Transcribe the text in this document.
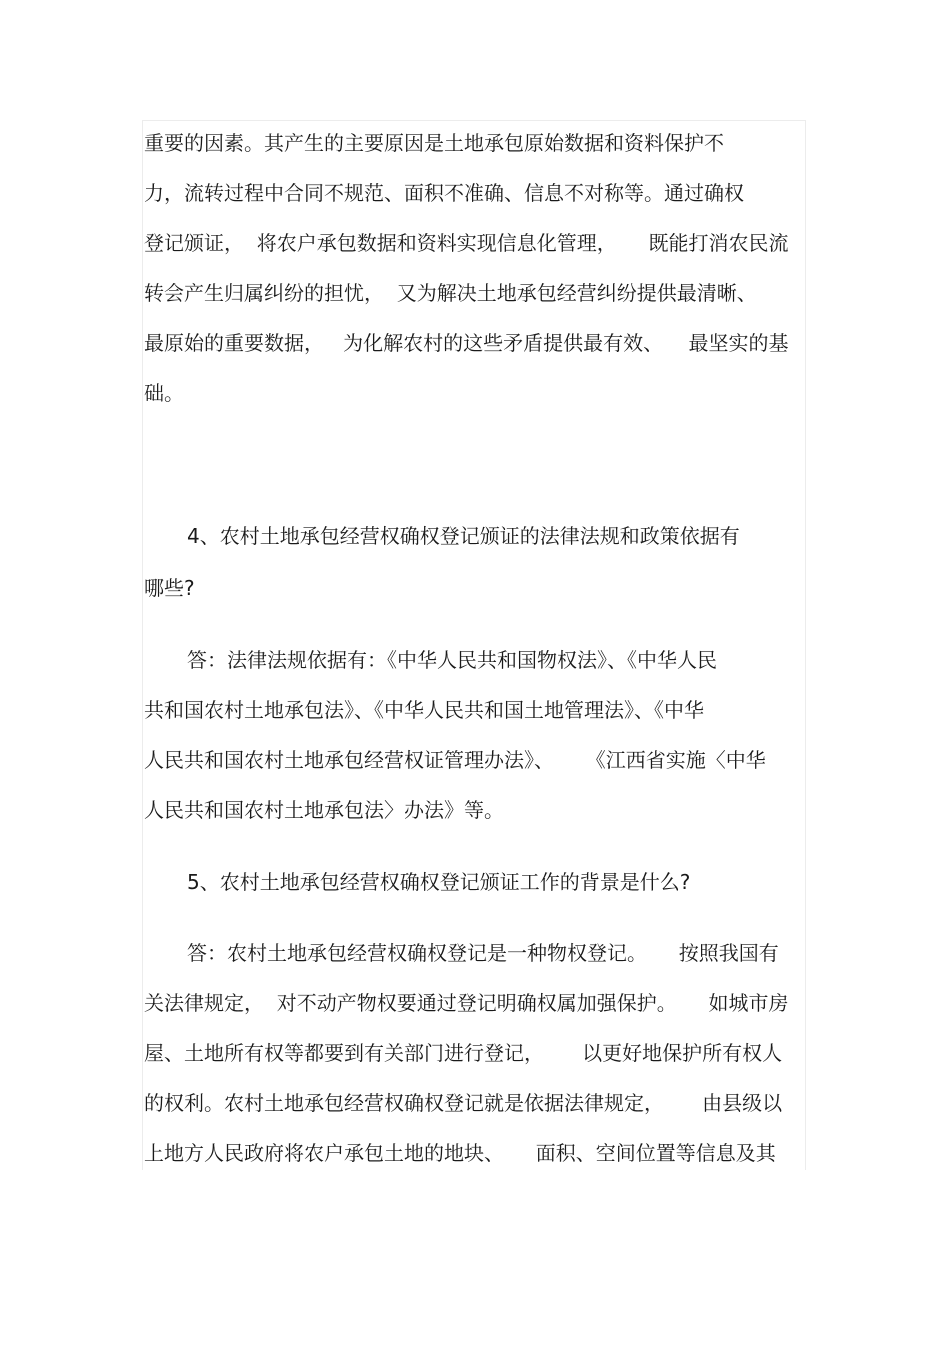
重要的因素。其产生的主要原因是土地承包原始数据和资料保护不
力，流转过程中合同不规范、面积不准确、信息不对称等。通过确权
登记颁证，  将农户承包数据和资料实现信息化管理，     既能打消农民流
转会产生归属纠纷的担忧，  又为解决土地承包经营纠纷提供最清晰、
最原始的重要数据，   为化解农村的这些矛盾提供最有效、    最坚实的基
础。
4、农村土地承包经营权确权登记颁证的法律法规和政策依据有
哪些?
答：法律法规依据有：《中华人民共和国物权法》、《中华人民
共和国农村土地承包法》、《中华人民共和国土地管理法》、《中华
人民共和国农村土地承包经营权证管理办法》、     《江西省实施〈中华
人民共和国农村土地承包法〉办法》等。
5、农村土地承包经营权确权登记颁证工作的背景是什么?
答：农村土地承包经营权确权登记是一种物权登记。     按照我国有
关法律规定，  对不动产物权要通过登记明确权属加强保护。     如城市房
屋、土地所有权等都要到有关部门进行登记，      以更好地保护所有权人
的权利。农村土地承包经营权确权登记就是依据法律规定，      由县级以
上地方人民政府将农户承包土地的地块、     面积、空间位置等信息及其
